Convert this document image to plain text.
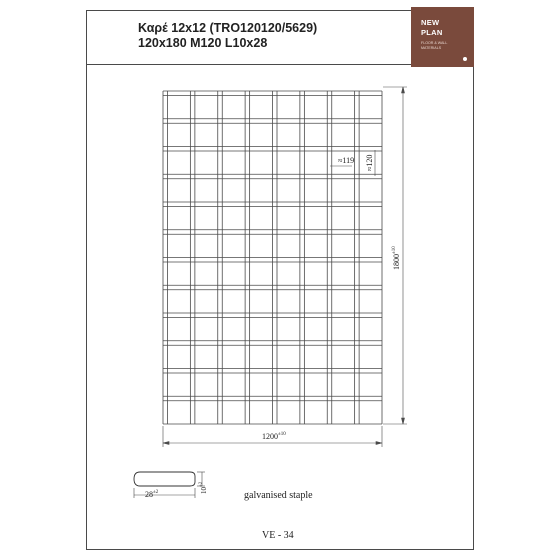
Καρέ 12x12 (TRO120120/5629)
120x180 M120 L10x28
NEW
PLAN
FLOOR & WALL MATERIALS
$1200^{\pm 10}$
$1800^{\pm 10}$
≈119
≈120
$28^{\pm 2}$	$10^{\pm 2}$
galvanised staple
VE - 34
